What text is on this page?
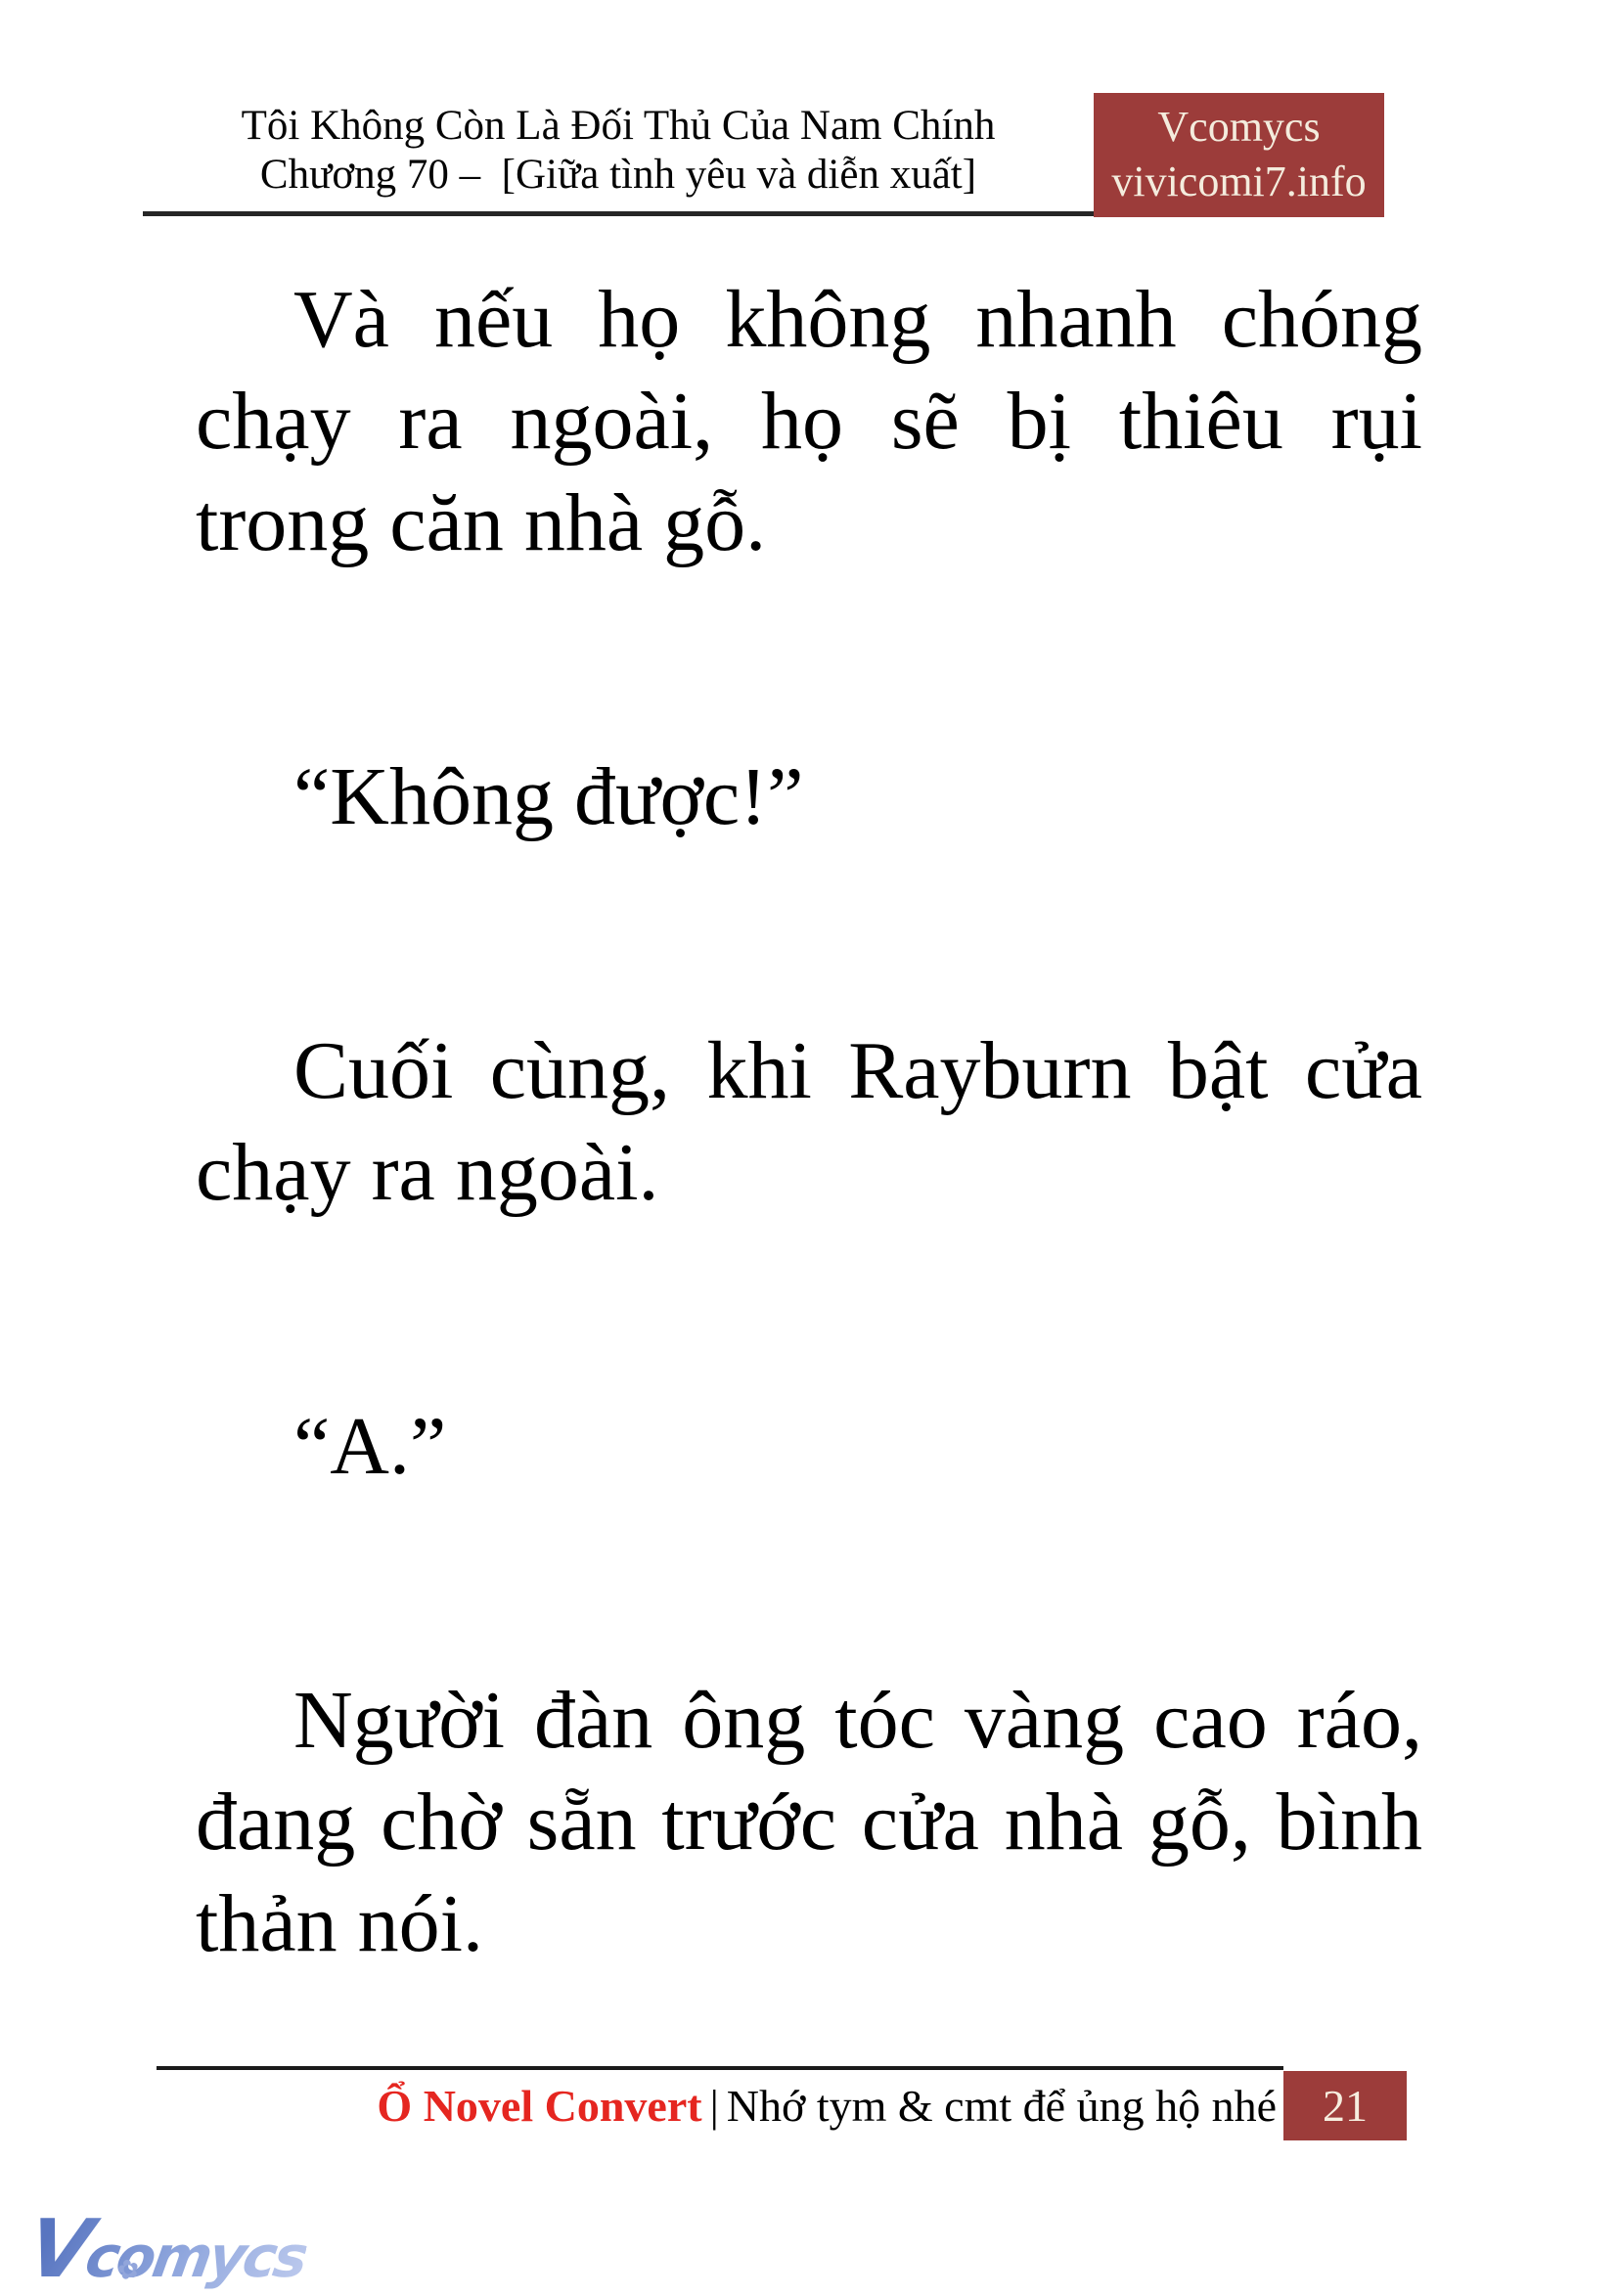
Tôi Không Còn Là Đối Thủ Của Nam Chính
Chương 70 –  [Giữa tình yêu và diễn xuất]
Vcomycs
vivicomi7.info

Và nếu họ không nhanh chóng chạy ra ngoài, họ sẽ bị thiêu rụi trong căn nhà gỗ.

“Không được!”

Cuối cùng, khi Rayburn bật cửa chạy ra ngoài.

“A.”

Người đàn ông tóc vàng cao ráo, đang chờ sẵn trước cửa nhà gỗ, bình thản nói.

Ổ Novel Convert | Nhớ tym & cmt để ủng hộ nhé	21
Vcomycs
✿
